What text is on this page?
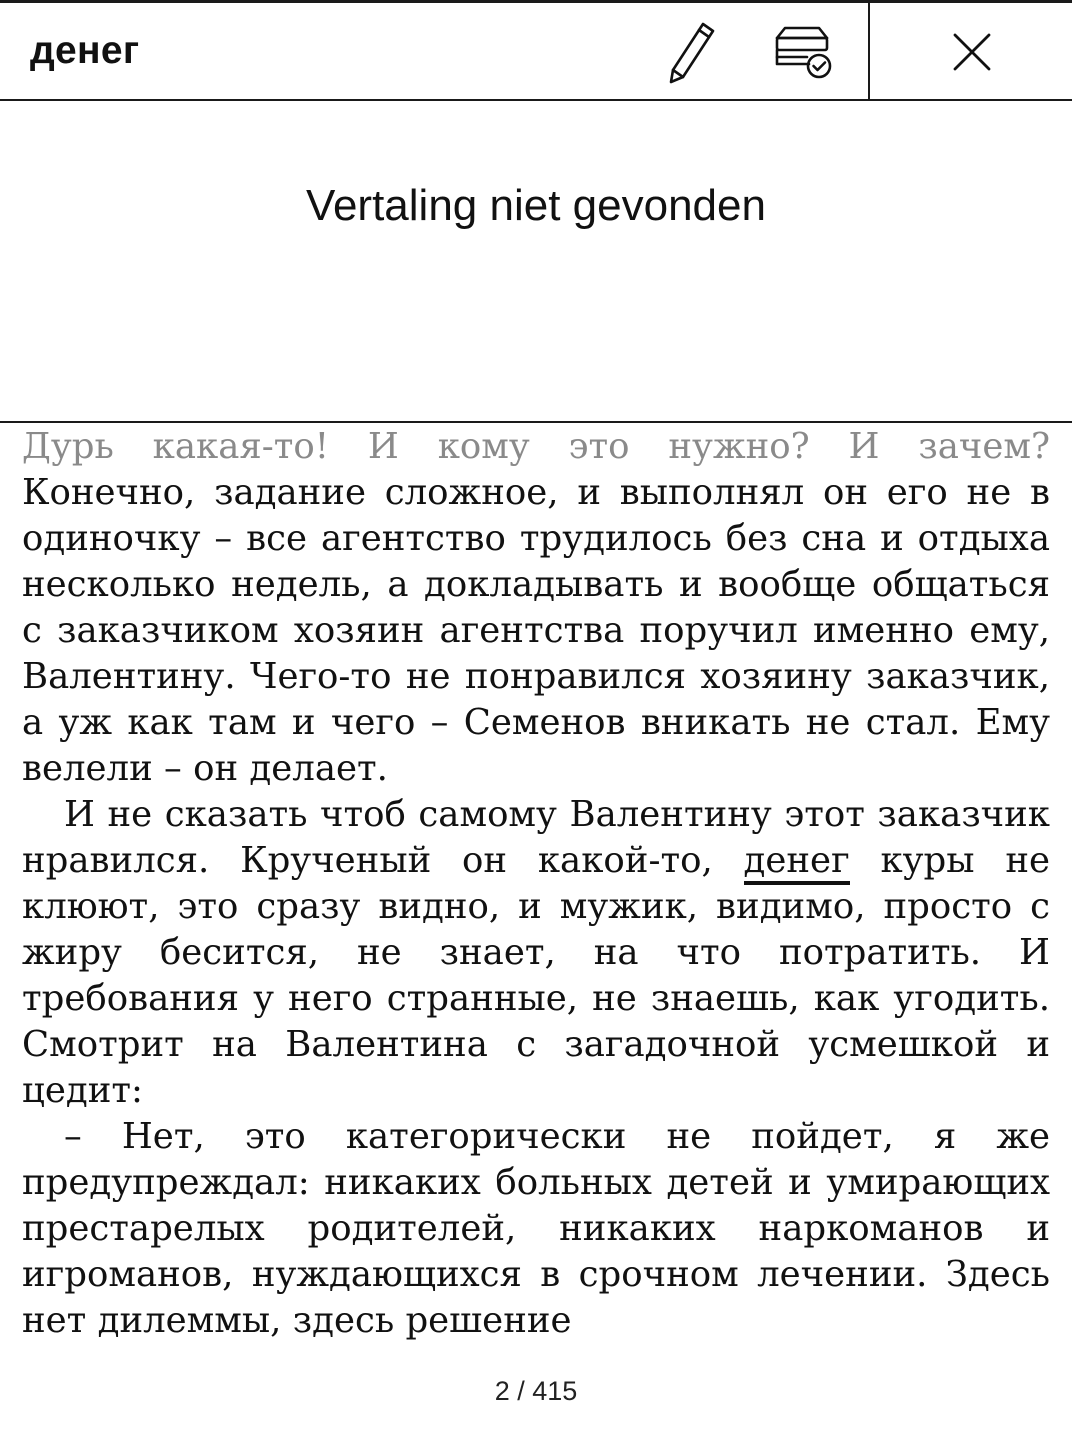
денег
Vertaling niet gevonden

Дурь какая-то! И кому это нужно? И зачем?

Конечно, задание сложное, и выполнял он его не в одиночку – все агентство трудилось без сна и отдыха несколько недель, а докладывать и вообще общаться с заказчиком хозяин агентства поручил именно ему, Валентину. Чего-то не понравился хозяину заказчик, а уж как там и чего – Семенов вникать не стал. Ему велели – он делает.

И не сказать чтоб самому Валентину этот заказчик нравился. Крученый он какой-то, денег куры не клюют, это сразу видно, и мужик, видимо, просто с жиру бесится, не знает, на что потратить. И требования у него странные, не знаешь, как угодить. Смотрит на Валентина с загадочной усмешкой и цедит:

– Нет, это категорически не пойдет, я же предупреждал: никаких больных детей и умирающих престарелых родителей, никаких наркоманов и игроманов, нуждающихся в срочном лечении. Здесь нет дилеммы, здесь решение

2 / 415
